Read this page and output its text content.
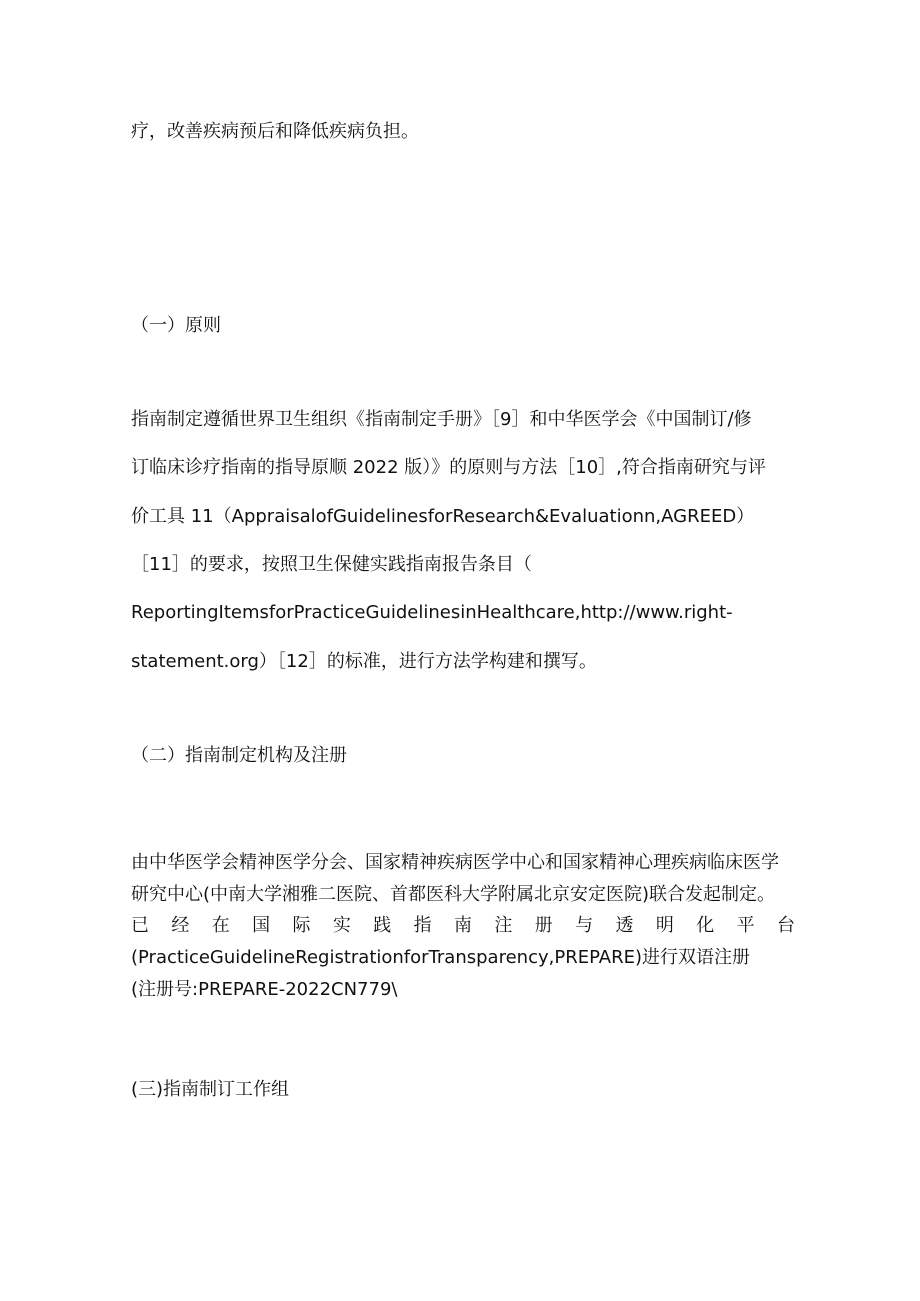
疗，改善疾病预后和降低疾病负担。

（一）原则

指南制定遵循世界卫生组织《指南制定手册》［9］和中华医学会《中国制订/修

订临床诊疗指南的指导原顺 2022 版）》的原则与方法［10］,符合指南研究与评

价工具 11（AppraisalofGuidelinesforResearch&Evaluationn,AGREED）

［11］的要求，按照卫生保健实践指南报告条目（

ReportingItemsforPracticeGuidelinesinHealthcare,http://www.right-

statement.org）［12］的标准，进行方法学构建和撰写。

（二）指南制定机构及注册

由中华医学会精神医学分会、国家精神疾病医学中心和国家精神心理疾病临床医学

研究中心(中南大学湘雅二医院、首都医科大学附属北京安定医院)联合发起制定。

已 经 在 国 际 实 践 指 南 注 册 与 透 明 化 平 台

(PracticeGuidelineRegistrationforTransparency,PREPARE)进行双语注册

(注册号:PREPARE-2022CN779\

(三)指南制订工作组
